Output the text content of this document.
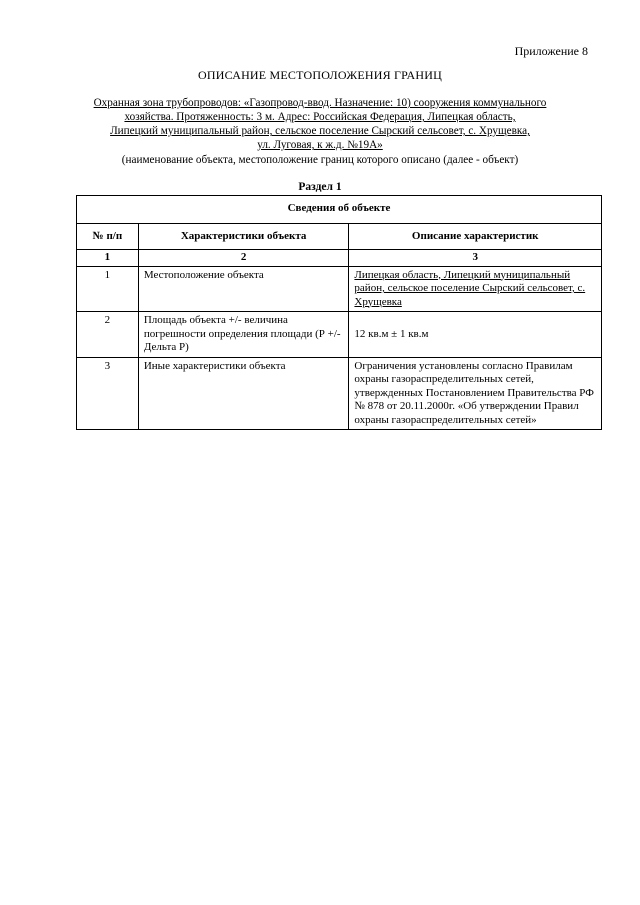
Приложение 8
ОПИСАНИЕ МЕСТОПОЛОЖЕНИЯ ГРАНИЦ
Охранная зона трубопроводов: «Газопровод-ввод. Назначение: 10) сооружения коммунального
хозяйства. Протяженность: 3 м. Адрес: Российская Федерация, Липецкая область,
Липецкий муниципальный район, сельское поселение Сырский сельсовет, с. Хрущевка,
ул. Луговая, к ж.д. №19А»
(наименование объекта, местоположение границ которого описано (далее - объект)
Раздел 1
Сведения об объекте		
№ п/п	Характеристики объекта	Описание характеристик
1	2	3
1	Местоположение объекта	Липецкая область, Липецкий муниципальный район, сельское поселение Сырский сельсовет, с. Хрущевка
2	Площадь объекта +/- величина погрешности определения площади (Р +/- Дельта Р)	12 кв.м ± 1 кв.м
3	Иные характеристики объекта	Ограничения установлены согласно Правилам охраны газораспределительных сетей, утвержденных Постановлением Правительства РФ № 878 от 20.11.2000г. «Об утверждении Правил охраны газораспределительных сетей»
